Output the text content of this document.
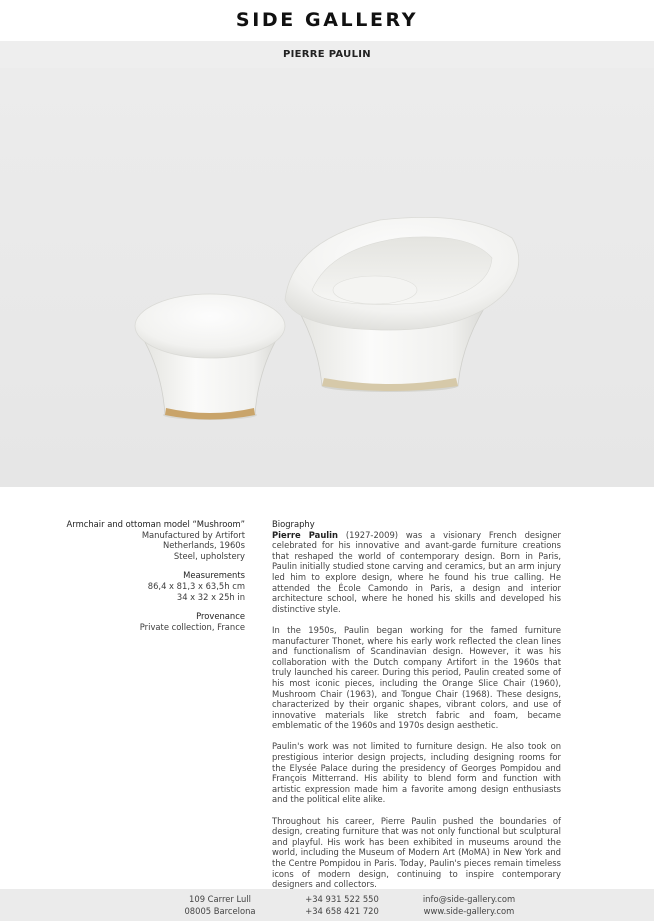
SIDE GALLERY
PIERRE PAULIN
Armchair and ottoman model “Mushroom”
Manufactured by Artifort
Netherlands, 1960s
Steel, upholstery
Measurements
86,4 x 81,3 x 63,5h cm
34 x 32 x 25h in
Provenance
Private collection, France
Biography

Pierre Paulin (1927-2009) was a visionary French designer celebrated for his innovative and avant-garde furniture creations that reshaped the world of contemporary design. Born in Paris, Paulin initially studied stone carving and ceramics, but an arm injury led him to explore design, where he found his true calling. He attended the École Camondo in Paris, a design and interior architecture school, where he honed his skills and developed his distinctive style.

In the 1950s, Paulin began working for the famed furniture manufacturer Thonet, where his early work reflected the clean lines and functionalism of Scandinavian design. However, it was his collaboration with the Dutch company Artifort in the 1960s that truly launched his career. During this period, Paulin created some of his most iconic pieces, including the Orange Slice Chair (1960), Mushroom Chair (1963), and Tongue Chair (1968). These designs, characterized by their organic shapes, vibrant colors, and use of innovative materials like stretch fabric and foam, became emblematic of the 1960s and 1970s design aesthetic.

Paulin's work was not limited to furniture design. He also took on prestigious interior design projects, including designing rooms for the Elysée Palace during the presidency of Georges Pompidou and François Mitterrand. His ability to blend form and function with artistic expression made him a favorite among design enthusiasts and the political elite alike.

Throughout his career, Pierre Paulin pushed the boundaries of design, creating furniture that was not only functional but sculptural and playful. His work has been exhibited in museums around the world, including the Museum of Modern Art (MoMA) in New York and the Centre Pompidou in Paris. Today, Paulin's pieces remain timeless icons of modern design, continuing to inspire contemporary designers and collectors.

109 Carrer Lull
08005 Barcelona
+34 931 522 550
+34 658 421 720
info@side-gallery.com
www.side-gallery.com
